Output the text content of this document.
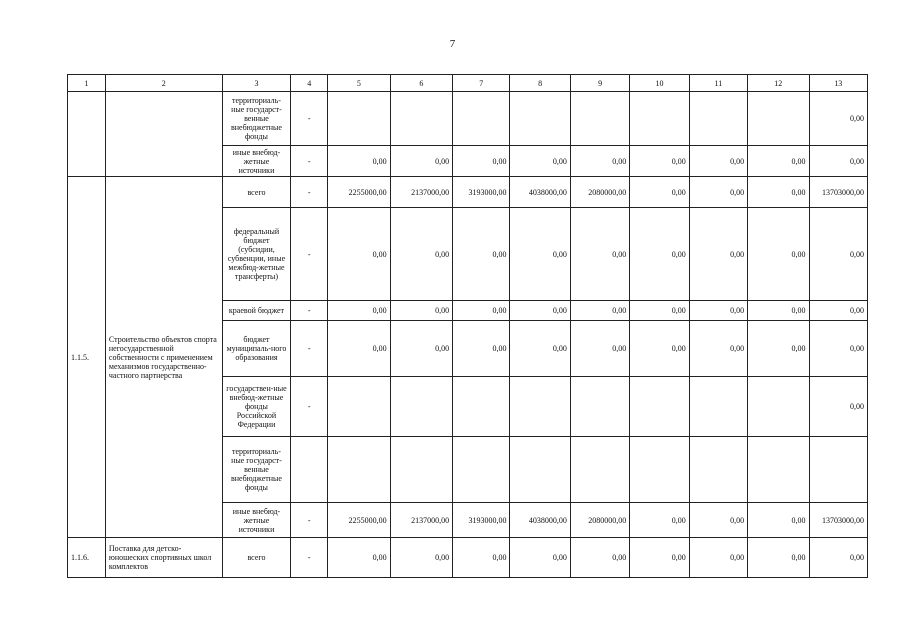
7
1	2	3	4	5	6	7	8	9	10	11	12	13
		территориаль-ные государст-венные внебюджетные фонды	-									0,00
		иные внебюд-жетные источники	-	0,00	0,00	0,00	0,00	0,00	0,00	0,00	0,00	0,00
1.1.5.	Строительство объектов спорта негосударственной собственности с применением механизмов государственно-частного партнерства	всего	-	2255000,00	2137000,00	3193000,00	4038000,00	2080000,00	0,00	0,00	0,00	13703000,00
		федеральный бюджет (субсидии, субвенции, иные межбюд-жетные трансферты)	-	0,00	0,00	0,00	0,00	0,00	0,00	0,00	0,00	0,00
		краевой бюджет	-	0,00	0,00	0,00	0,00	0,00	0,00	0,00	0,00	0,00
		бюджет муниципаль-ного образования	-	0,00	0,00	0,00	0,00	0,00	0,00	0,00	0,00	0,00
		государствен-ные внебюд-жетные фонды Российской Федерации	-									0,00
		территориаль-ные государст-венные внебюджетные фонды										
		иные внебюд-жетные источники	-	2255000,00	2137000,00	3193000,00	4038000,00	2080000,00	0,00	0,00	0,00	13703000,00
1.1.6.	Поставка для детско-юношеских спортивных школ комплектов	всего	-	0,00	0,00	0,00	0,00	0,00	0,00	0,00	0,00	0,00
